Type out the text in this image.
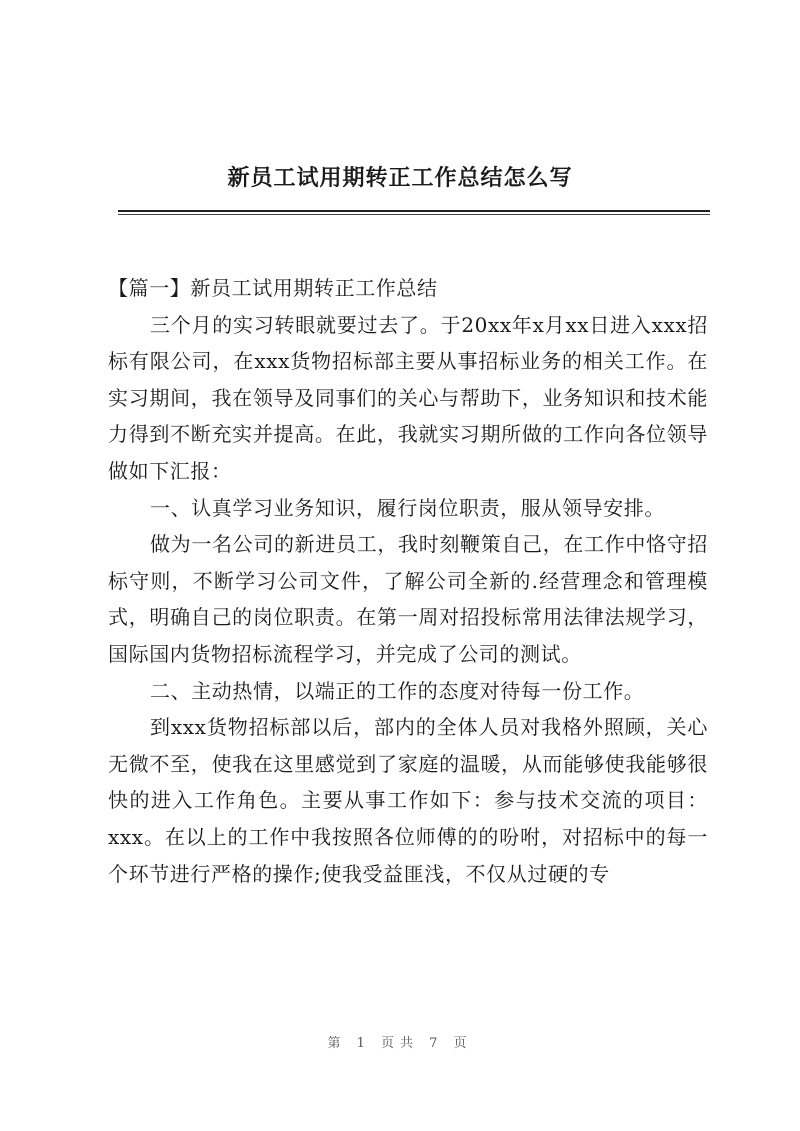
新员工试用期转正工作总结怎么写

【篇一】新员工试用期转正工作总结

三个月的实习转眼就要过去了。于20xx年x月xx日进入xxx招标有限公司，在xxx货物招标部主要从事招标业务的相关工作。在实习期间，我在领导及同事们的关心与帮助下，业务知识和技术能力得到不断充实并提高。在此，我就实习期所做的工作向各位领导做如下汇报：

一、认真学习业务知识，履行岗位职责，服从领导安排。

做为一名公司的新进员工，我时刻鞭策自己，在工作中恪守招标守则，不断学习公司文件，了解公司全新的.经营理念和管理模式，明确自己的岗位职责。在第一周对招投标常用法律法规学习，国际国内货物招标流程学习，并完成了公司的测试。

二、主动热情，以端正的工作的态度对待每一份工作。

到xxx货物招标部以后，部内的全体人员对我格外照顾，关心无微不至，使我在这里感觉到了家庭的温暖，从而能够使我能够很快的进入工作角色。主要从事工作如下：参与技术交流的项目：xxx。在以上的工作中我按照各位师傅的的吩咐，对招标中的每一个环节进行严格的操作;使我受益匪浅，不仅从过硬的专

第 1 页共 7 页
